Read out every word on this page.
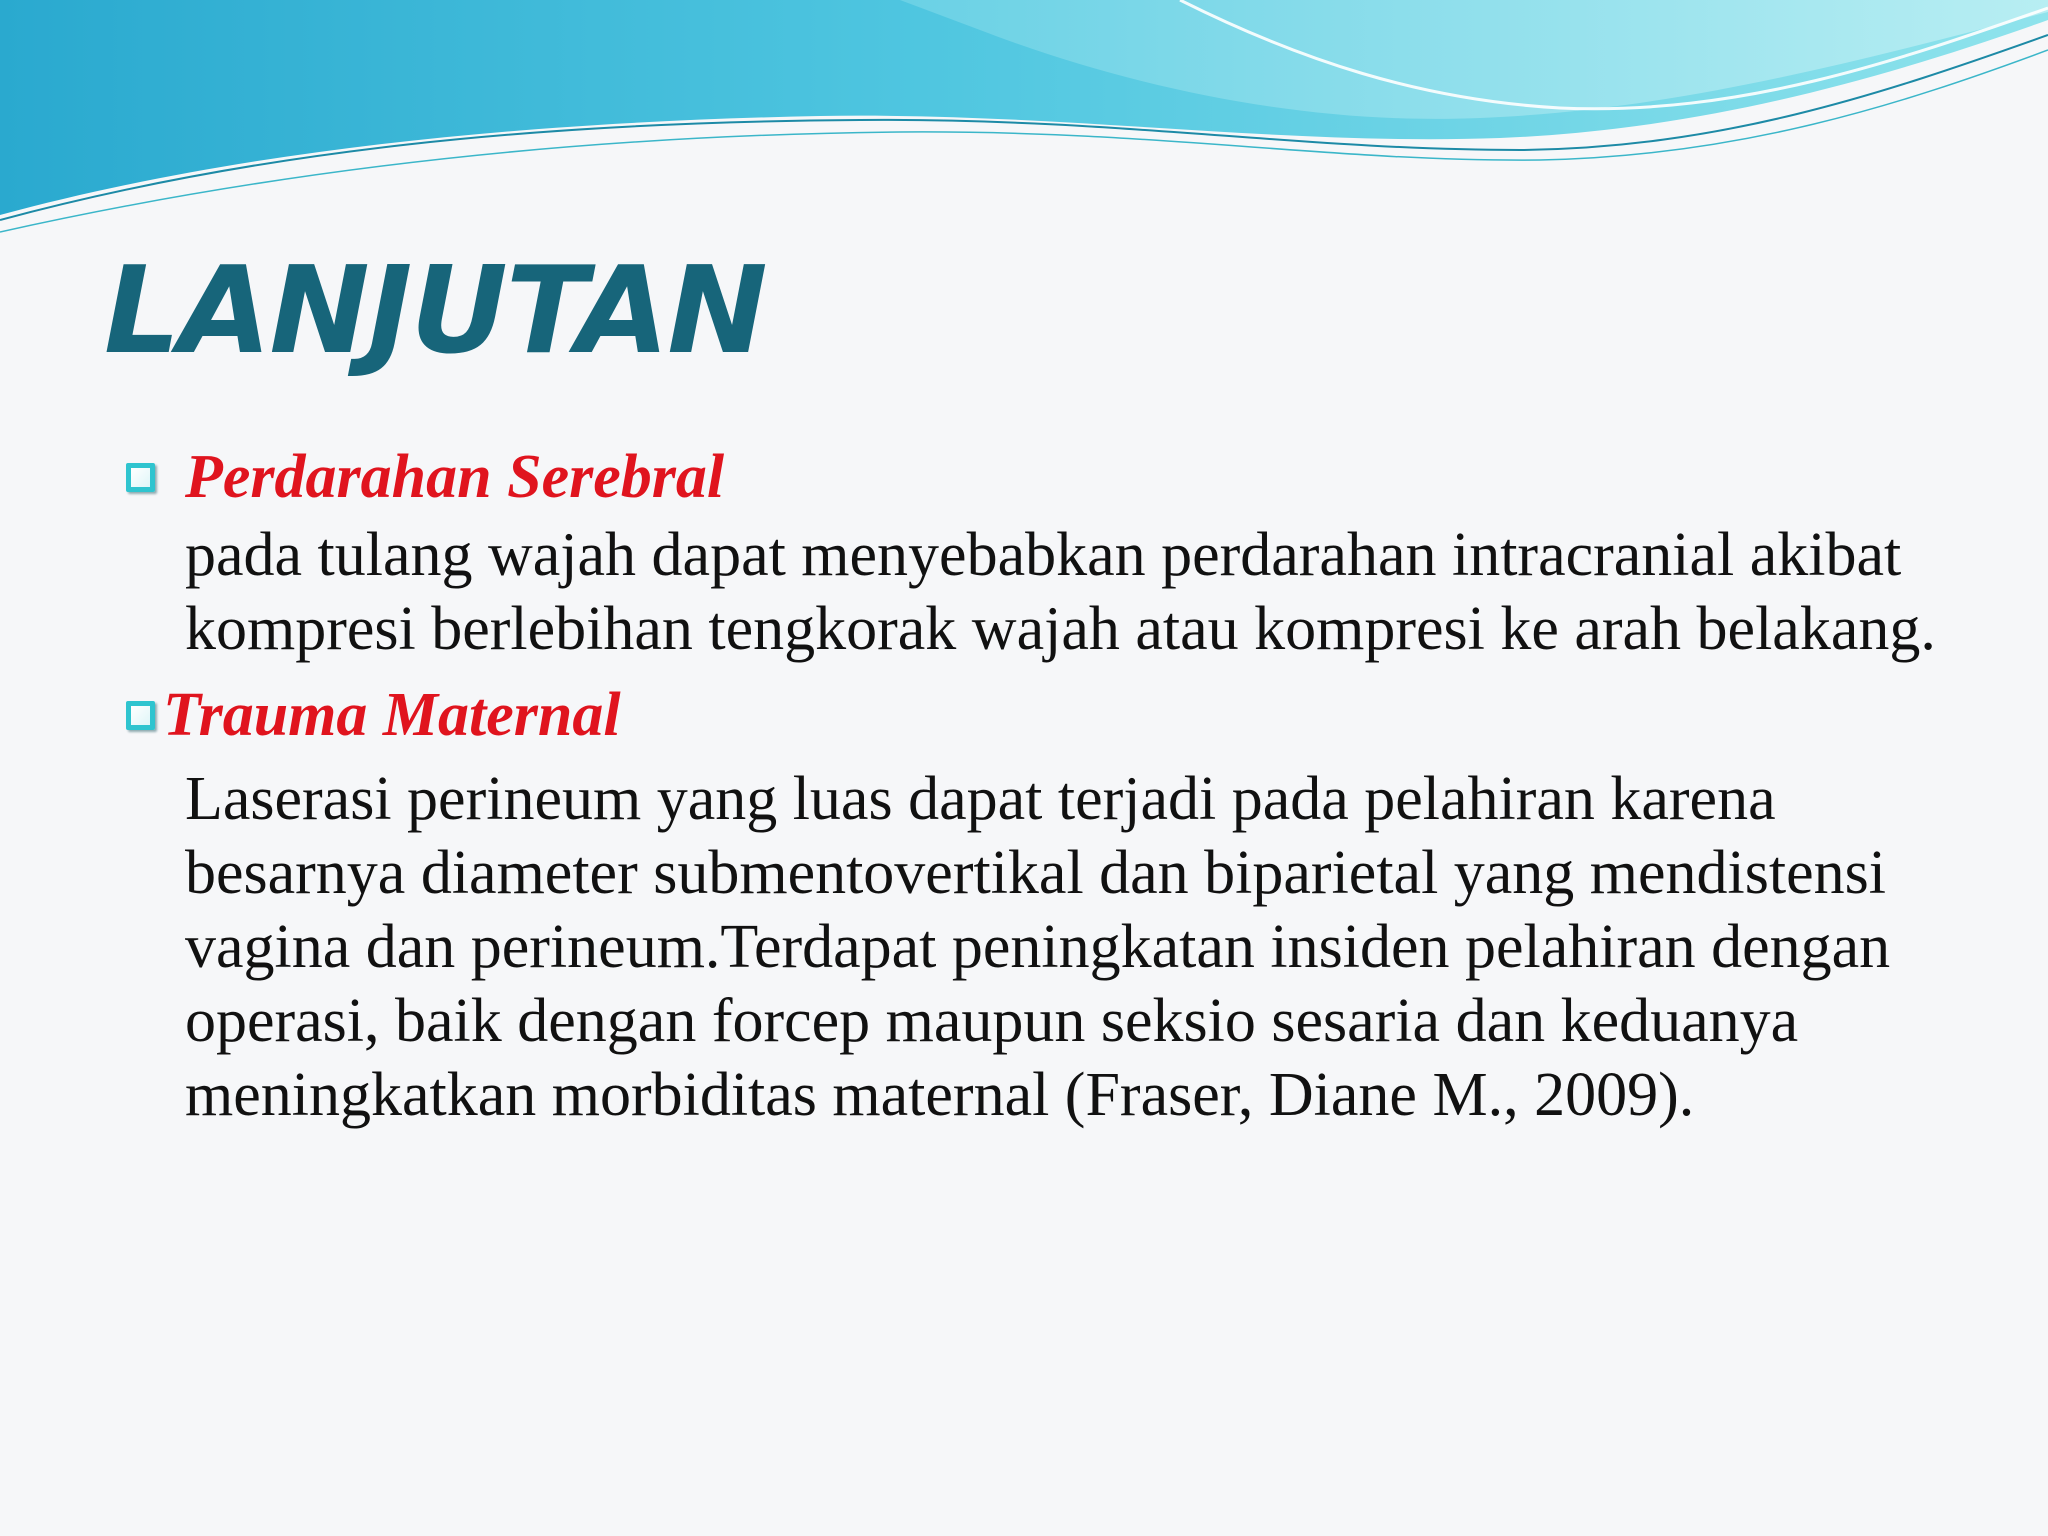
LANJUTAN
Perdarahan Serebral

pada tulang wajah dapat menyebabkan perdarahan intracranial akibat kompresi berlebihan tengkorak wajah atau kompresi ke arah belakang.

Trauma Maternal

Laserasi perineum yang luas dapat terjadi pada pelahiran karena besarnya diameter submentovertikal dan biparietal yang mendistensi vagina dan perineum.Terdapat peningkatan insiden pelahiran dengan operasi, baik dengan forcep maupun seksio sesaria dan keduanya meningkatkan morbiditas maternal (Fraser, Diane M., 2009).
